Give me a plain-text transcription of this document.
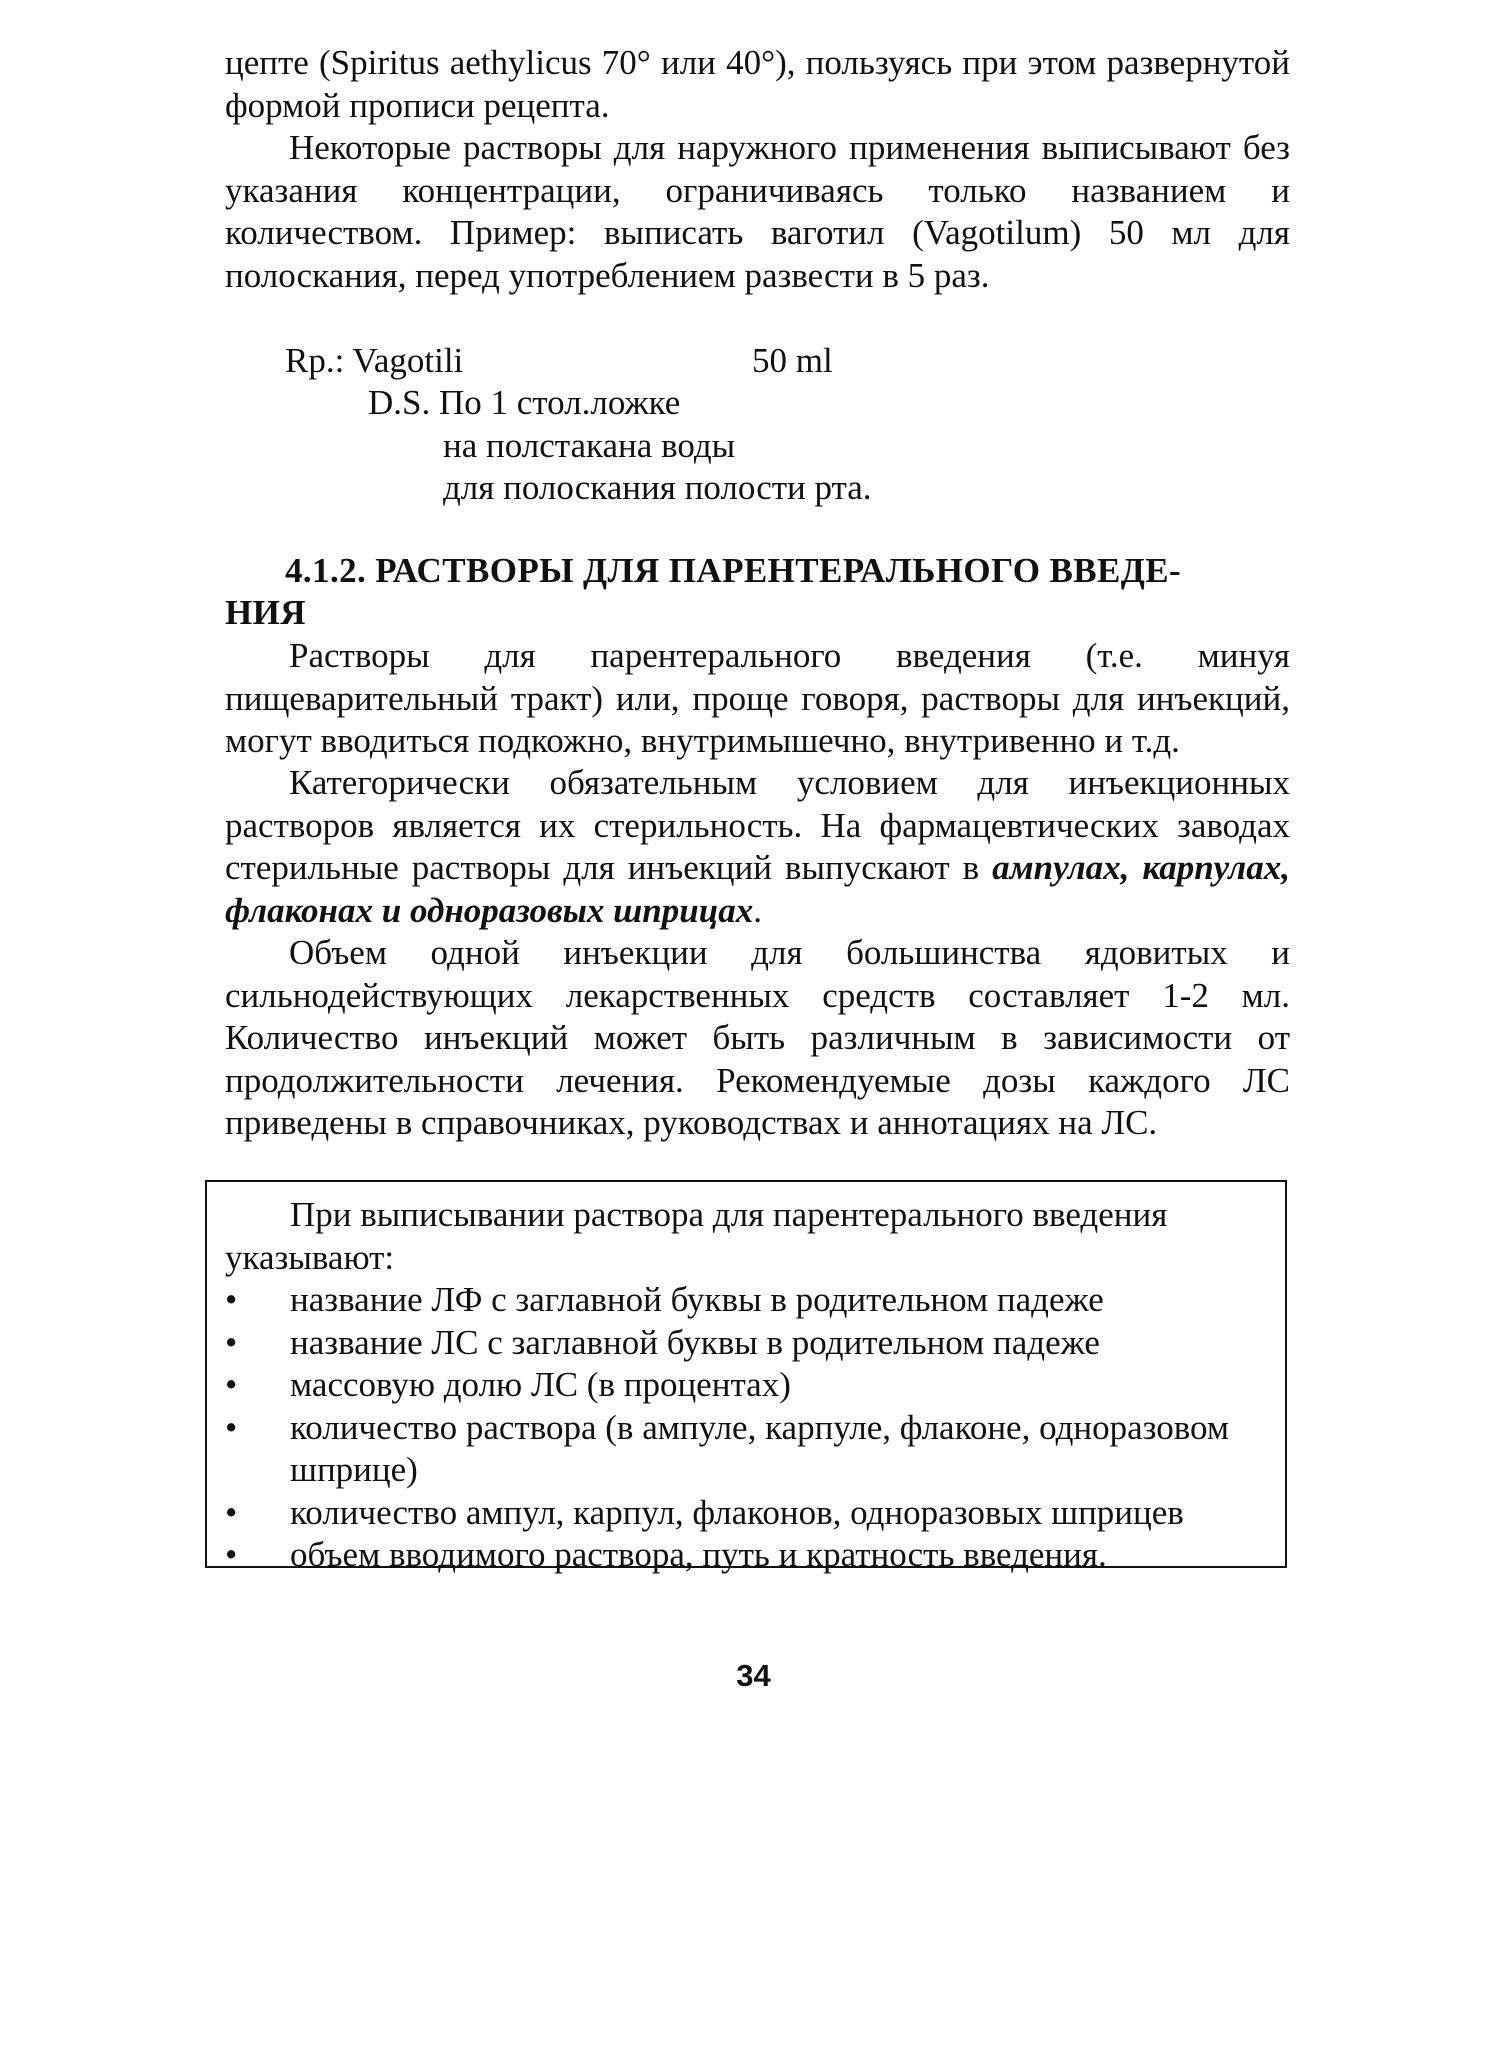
цепте (Spiritus aethylicus 70° или 40°), пользуясь при этом развернутой формой прописи рецепта.

Некоторые растворы для наружного применения выписывают без указания концентрации, ограничиваясь только названием и количеством. Пример: выписать ваготил (Vagotilum) 50 мл для полоскания, перед употреблением развести в 5 раз.

Rp.: Vagotili	50 ml

D.S. По 1 стол.ложке

на полстакана воды

для полоскания полости рта.

4.1.2. РАСТВОРЫ ДЛЯ ПАРЕНТЕРАЛЬНОГО ВВЕДЕ-
НИЯ

Растворы для парентерального введения (т.е. минуя пищеварительный тракт) или, проще говоря, растворы для инъекций, могут вводиться подкожно, внутримышечно, внутривенно и т.д.

Категорически обязательным условием для инъекционных растворов является их стерильность. На фармацевтических заводах стерильные растворы для инъекций выпускают в ампулах, карпулах, флаконах и одноразовых шприцах.

Объем одной инъекции для большинства ядовитых и сильнодействующих лекарственных средств составляет 1-2 мл. Количество инъекций может быть различным в зависимости от продолжительности лечения. Рекомендуемые дозы каждого ЛС приведены в справочниках, руководствах и аннотациях на ЛС.

При выписывании раствора для парентерального введения указывают:

• название ЛФ с заглавной буквы в родительном падеже
• название ЛС с заглавной буквы в родительном падеже
• массовую долю ЛС (в процентах)
• количество раствора (в ампуле, карпуле, флаконе, одноразовом шприце)
• количество ампул, карпул, флаконов, одноразовых шприцев
• объем вводимого раствора, путь и кратность введения.
34
